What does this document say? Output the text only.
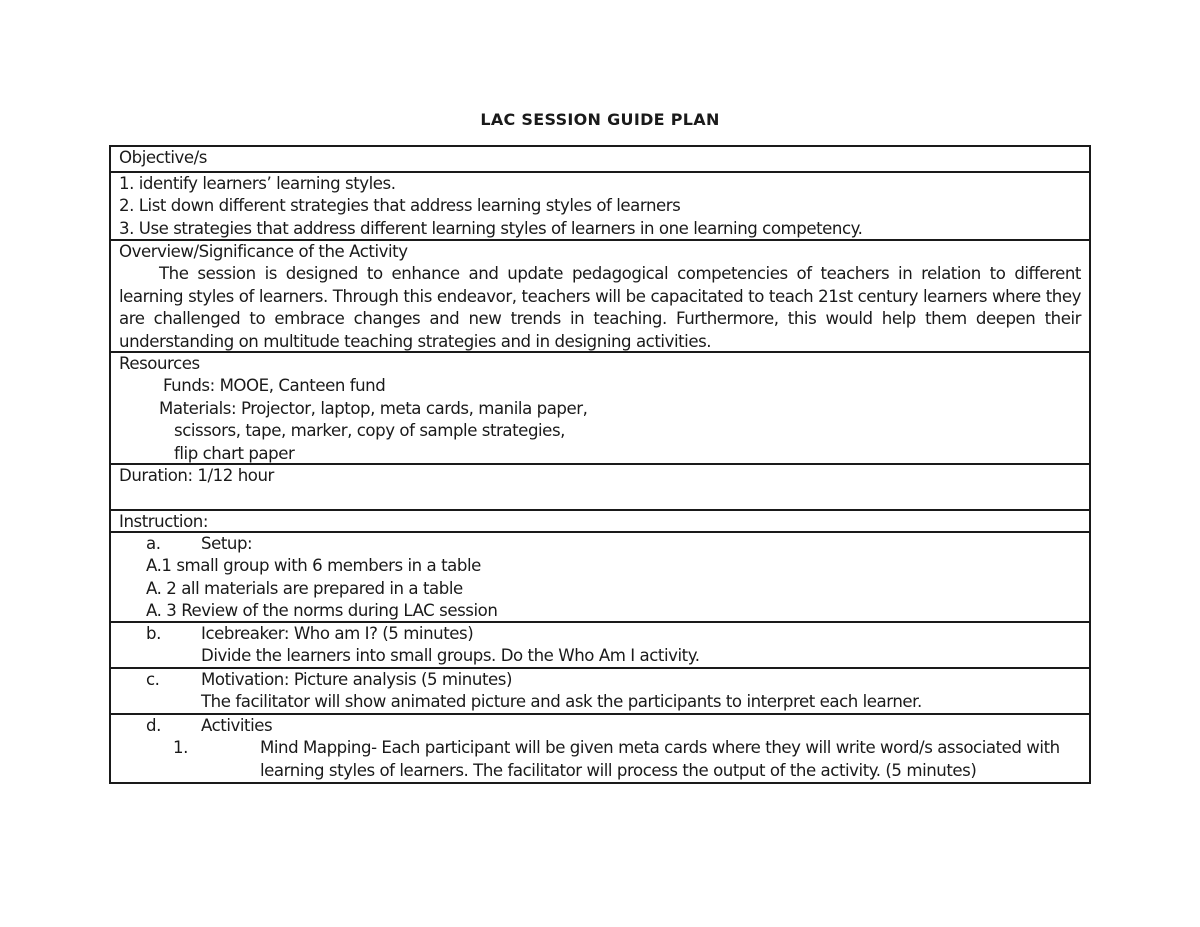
LAC SESSION GUIDE PLAN
Objective/s
1. identify learners’ learning styles.
2. List down different strategies that address learning styles of learners
3. Use strategies that address different learning styles of learners in one learning competency.
Overview/Significance of the Activity
The session is designed to enhance and update pedagogical competencies of teachers in relation to different learning styles of learners. Through this endeavor, teachers will be capacitated to teach 21st century learners where they are challenged to embrace changes and new trends in teaching. Furthermore, this would help them deepen their understanding on multitude teaching strategies and in designing activities.
Resources
Funds: MOOE, Canteen fund
Materials: Projector, laptop, meta cards, manila paper,
scissors, tape, marker, copy of sample strategies,
flip chart paper
Duration: 1/12 hour
Instruction:
a.	Setup:
A.1 small group with 6 members in a table
A. 2 all materials are prepared in a table
A. 3 Review of the norms during LAC session
b.	Icebreaker: Who am I? (5 minutes)
Divide the learners into small groups. Do the Who Am I activity.
c.	Motivation: Picture analysis (5 minutes)
The facilitator will show animated picture and ask the participants to interpret each learner.
d.	Activities
1.	Mind Mapping- Each participant will be given meta cards where they will write word/s associated with learning styles of learners. The facilitator will process the output of the activity. (5 minutes)
